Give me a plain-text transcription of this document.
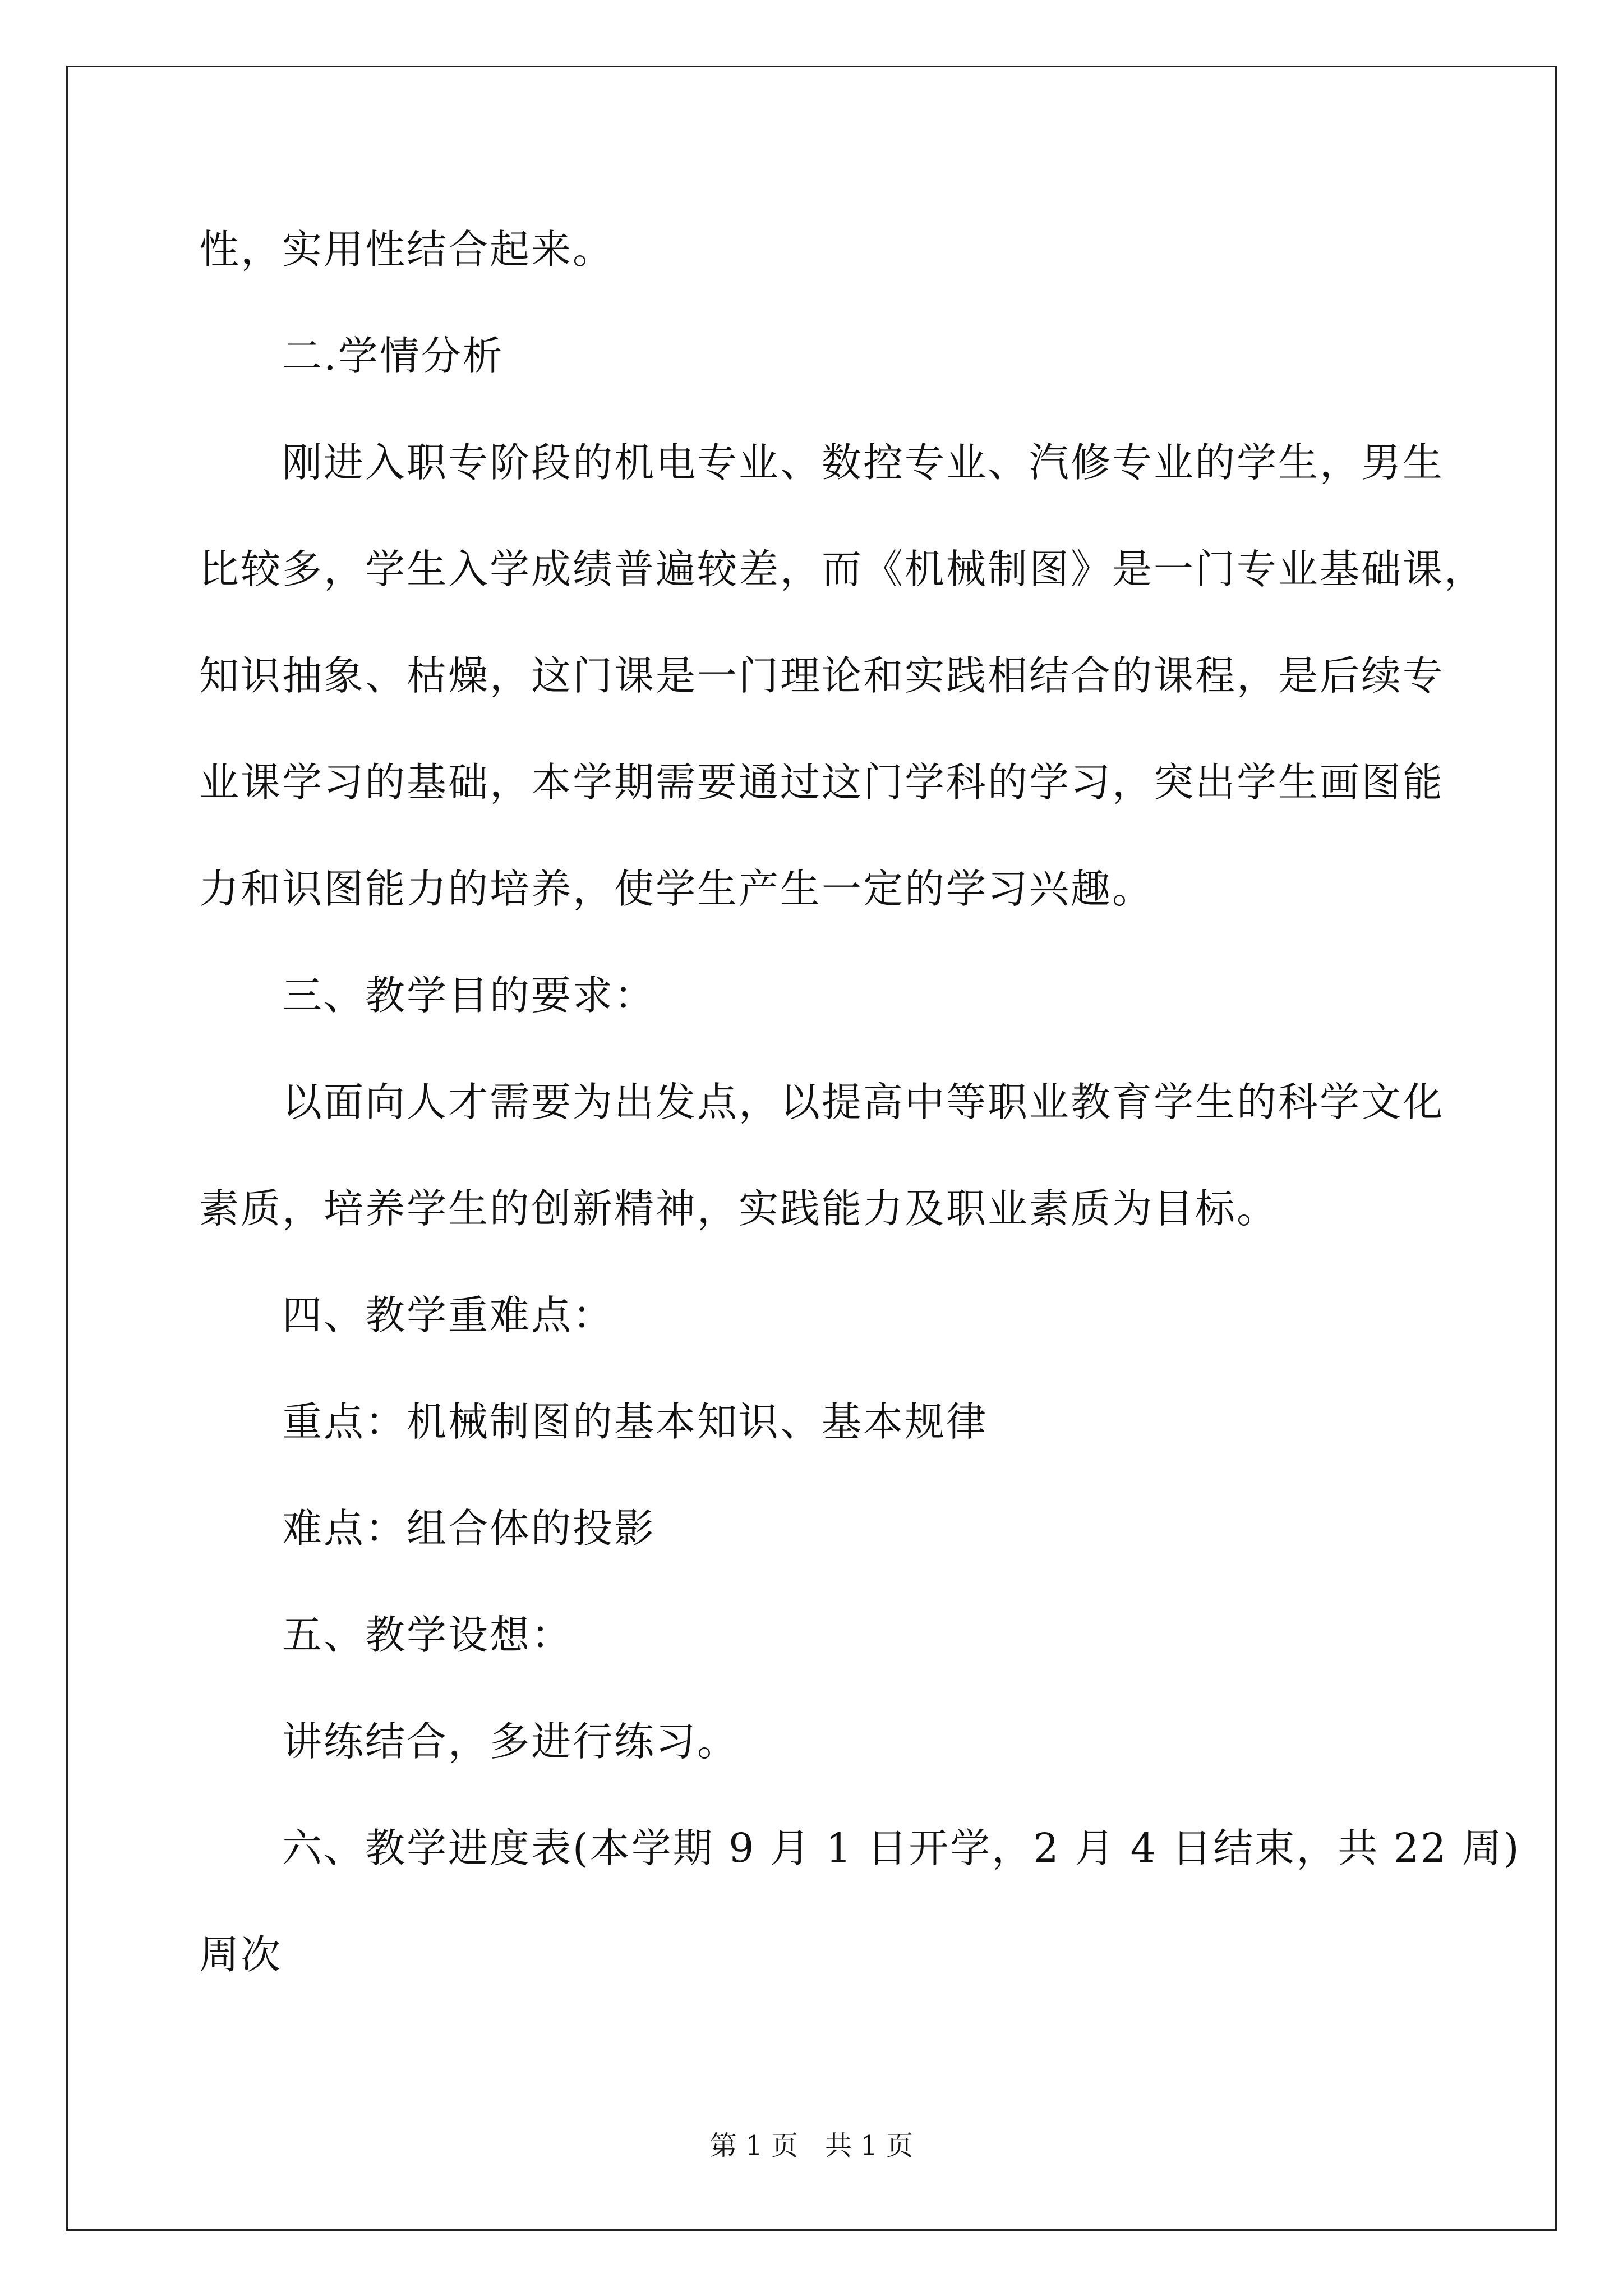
性，实用性结合起来。
二.学情分析
刚进入职专阶段的机电专业、数控专业、汽修专业的学生，男生
比较多，学生入学成绩普遍较差，而《机械制图》是一门专业基础课，
知识抽象、枯燥，这门课是一门理论和实践相结合的课程，是后续专
业课学习的基础，本学期需要通过这门学科的学习，突出学生画图能
力和识图能力的培养，使学生产生一定的学习兴趣。
三、教学目的要求：
以面向人才需要为出发点，以提高中等职业教育学生的科学文化
素质，培养学生的创新精神，实践能力及职业素质为目标。
四、教学重难点：
重点：机械制图的基本知识、基本规律
难点：组合体的投影
五、教学设想：
讲练结合，多进行练习。
六、教学进度表(本学期 9 月 1 日开学，2 月 4 日结束，共 22 周)
周次
第 1 页　共 1 页
